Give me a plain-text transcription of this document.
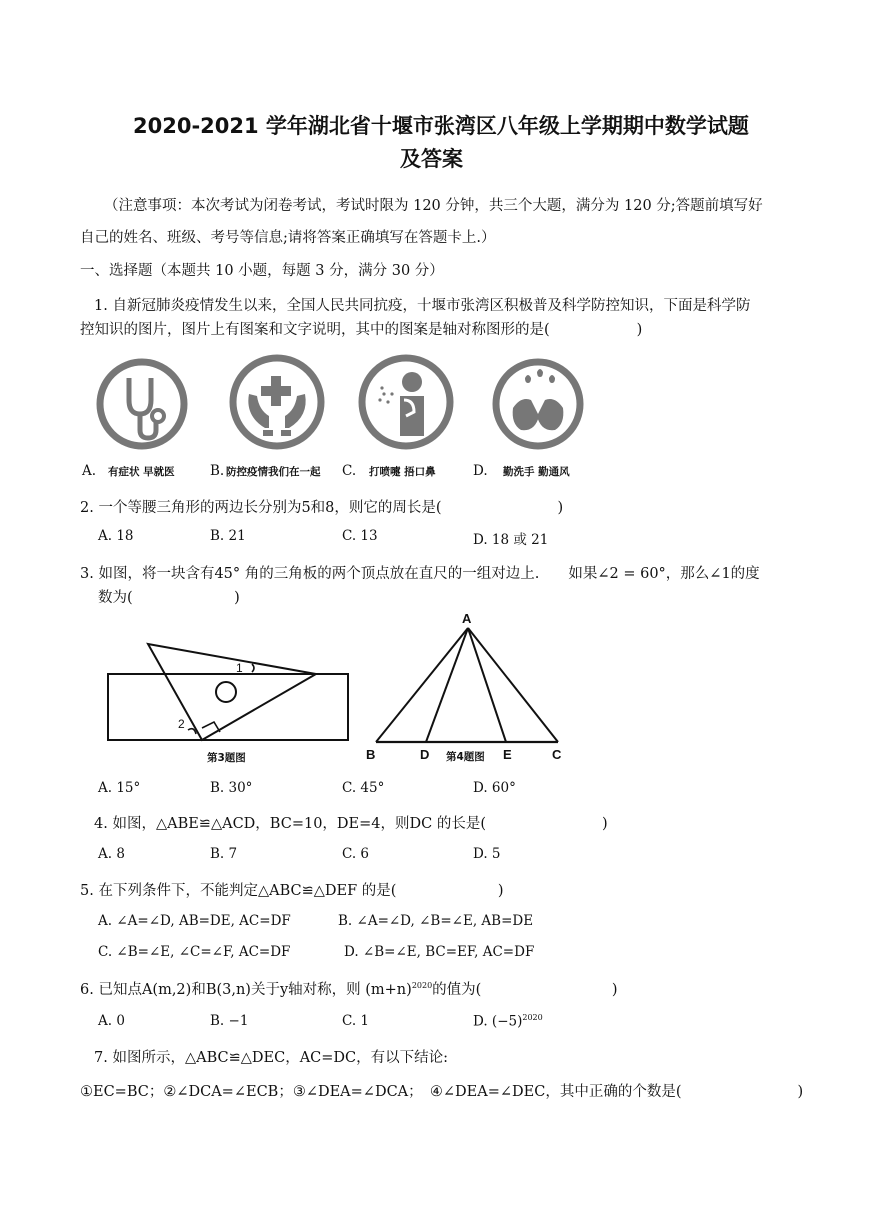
2020-2021 学年湖北省十堰市张湾区八年级上学期期中数学试题
及答案
（注意事项：本次考试为闭卷考试，考试时限为 120 分钟，共三个大题，满分为 120 分;答题前填写好
自己的姓名、班级、考号等信息;请将答案正确填写在答题卡上.）
一、选择题（本题共 10 小题，每题 3 分，满分 30 分）
1. 自新冠肺炎疫情发生以来，全国人民共同抗疫，十堰市张湾区积极普及科学防控知识，下面是科学防
控知识的图片，图片上有图案和文字说明，其中的图案是轴对称图形的是(　　　　　　)
A. 有症状 早就医	B. 防控疫情我们在一起 C. 打喷嚏 捂口鼻	D. 勤洗手 勤通风
2. 一个等腰三角形的两边长分别为5和8，则它的周长是(　　　　　　　　)
A. 18	B. 21	C. 13	D. 18 或 21
3. 如图，将一块含有45° 角的三角板的两个顶点放在直尺的一组对边上.　　如果∠2 = 60°，那么∠1的度
数为(　　　　　　　)
1
2
第3题图
A
B	D	E	C
第4题图
A. 15°	B. 30°	C. 45°	D. 60°
4. 如图，△ABE≌△ACD，BC=10，DE=4，则DC 的长是(　　　　　　　　)
A. 8	B. 7	C. 6	D. 5
5. 在下列条件下，不能判定△ABC≌△DEF 的是(　　　　　　　)
A. ∠A=∠D, AB=DE, AC=DF	B. ∠A=∠D, ∠B=∠E, AB=DE
C. ∠B=∠E, ∠C=∠F, AC=DF	D. ∠B=∠E, BC=EF, AC=DF
6. 已知点A(m,2)和B(3,n)关于y轴对称，则 $(m+n)^{2020}$的值为(　　　　　　　　　)
A. 0	B. −1	C. 1	D. $(-5)^{2020}$
7. 如图所示，△ABC≌△DEC，AC=DC，有以下结论:
①EC=BC；②∠DCA=∠ECB；③∠DEA=∠DCA；　④∠DEA=∠DEC，其中正确的个数是(　　　　　　　　)
